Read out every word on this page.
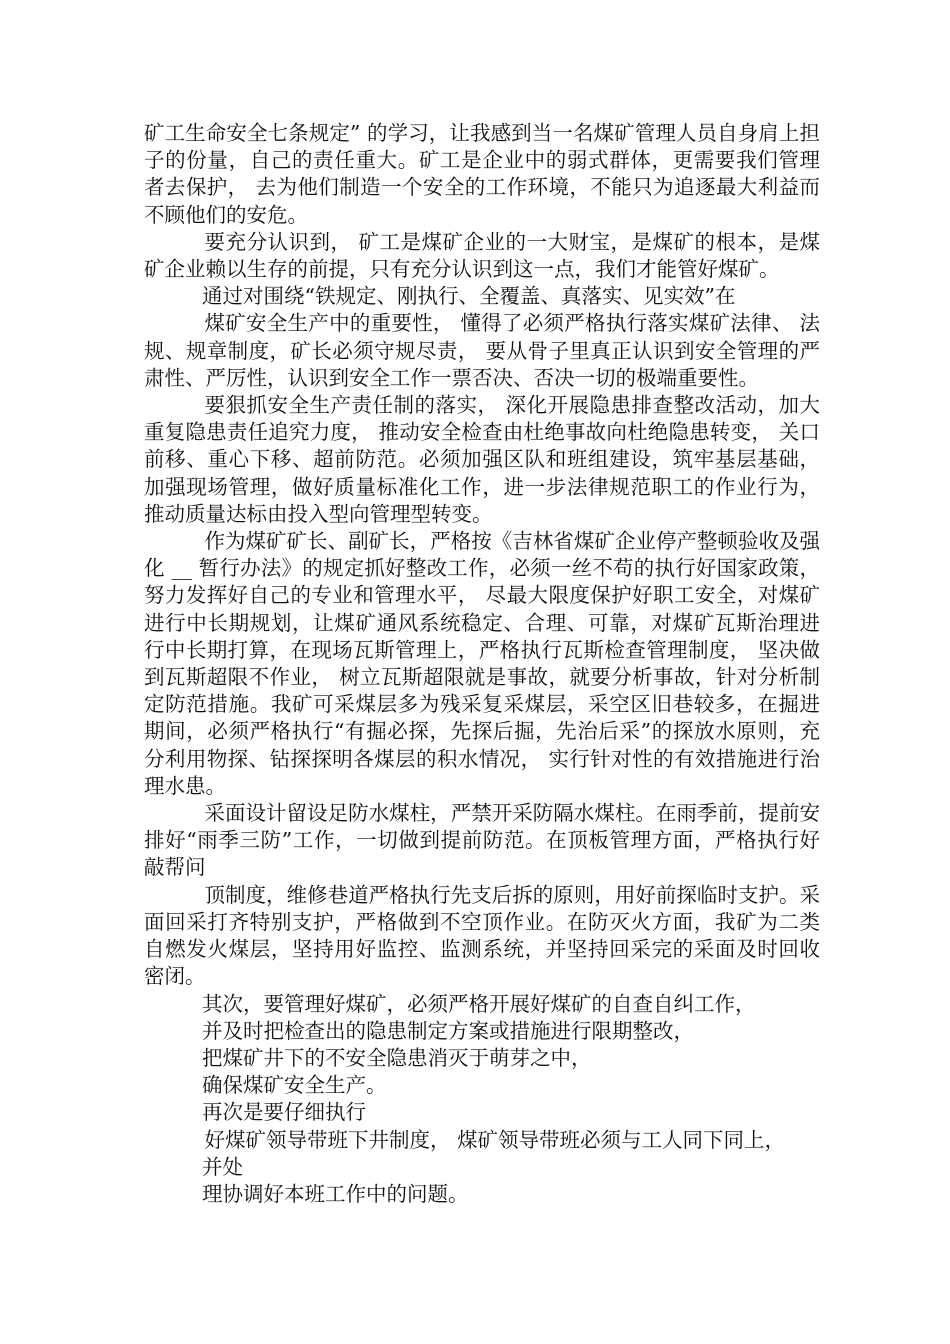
矿工生命安全七条规定” 的学习，让我感到当一名煤矿管理人员自身肩上担子的份量，自己的责任重大。矿工是企业中的弱式群体，更需要我们管理者去保护， 去为他们制造一个安全的工作环境，不能只为追逐最大利益而不顾他们的安危。

要充分认识到， 矿工是煤矿企业的一大财宝，是煤矿的根本，是煤矿企业赖以生存的前提，只有充分认识到这一点，我们才能管好煤矿。

通过对围绕“铁规定、刚执行、全覆盖、真落实、见实效”在

煤矿安全生产中的重要性， 懂得了必须严格执行落实煤矿法律、 法规、规章制度，矿长必须守规尽责， 要从骨子里真正认识到安全管理的严肃性、严厉性，认识到安全工作一票否决、否决一切的极端重要性。

要狠抓安全生产责任制的落实， 深化开展隐患排查整改活动，加大重复隐患责任追究力度， 推动安全检查由杜绝事故向杜绝隐患转变， 关口前移、重心下移、超前防范。必须加强区队和班组建设，筑牢基层基础，加强现场管理，做好质量标准化工作，进一步法律规范职工的作业行为，推动质量达标由投入型向管理型转变。

作为煤矿矿长、副矿长，严格按《吉林省煤矿企业停产整顿验收及强化 __ 暂行办法》的规定抓好整改工作，必须一丝不苟的执行好国家政策，努力发挥好自己的专业和管理水平， 尽最大限度保护好职工安全，对煤矿进行中长期规划，让煤矿通风系统稳定、合理、可靠，对煤矿瓦斯治理进行中长期打算，在现场瓦斯管理上，严格执行瓦斯检查管理制度， 坚决做到瓦斯超限不作业， 树立瓦斯超限就是事故，就要分析事故，针对分析制定防范措施。我矿可采煤层多为残采复采煤层，采空区旧巷较多，在掘进期间，必须严格执行“有掘必探，先探后掘，先治后采”的探放水原则，充分利用物探、钻探探明各煤层的积水情况， 实行针对性的有效措施进行治理水患。

采面设计留设足防水煤柱，严禁开采防隔水煤柱。在雨季前，提前安排好“雨季三防”工作，一切做到提前防范。在顶板管理方面，严格执行好敲帮问

顶制度，维修巷道严格执行先支后拆的原则，用好前探临时支护。采面回采打齐特别支护，严格做到不空顶作业。在防灭火方面，我矿为二类自燃发火煤层，坚持用好监控、监测系统，并坚持回采完的采面及时回收密闭。

其次，要管理好煤矿，必须严格开展好煤矿的自查自纠工作，

并及时把检查出的隐患制定方案或措施进行限期整改，

把煤矿井下的不安全隐患消灭于萌芽之中，

确保煤矿安全生产。

再次是要仔细执行

好煤矿领导带班下井制度， 煤矿领导带班必须与工人同下同上，

并处

理协调好本班工作中的问题。
